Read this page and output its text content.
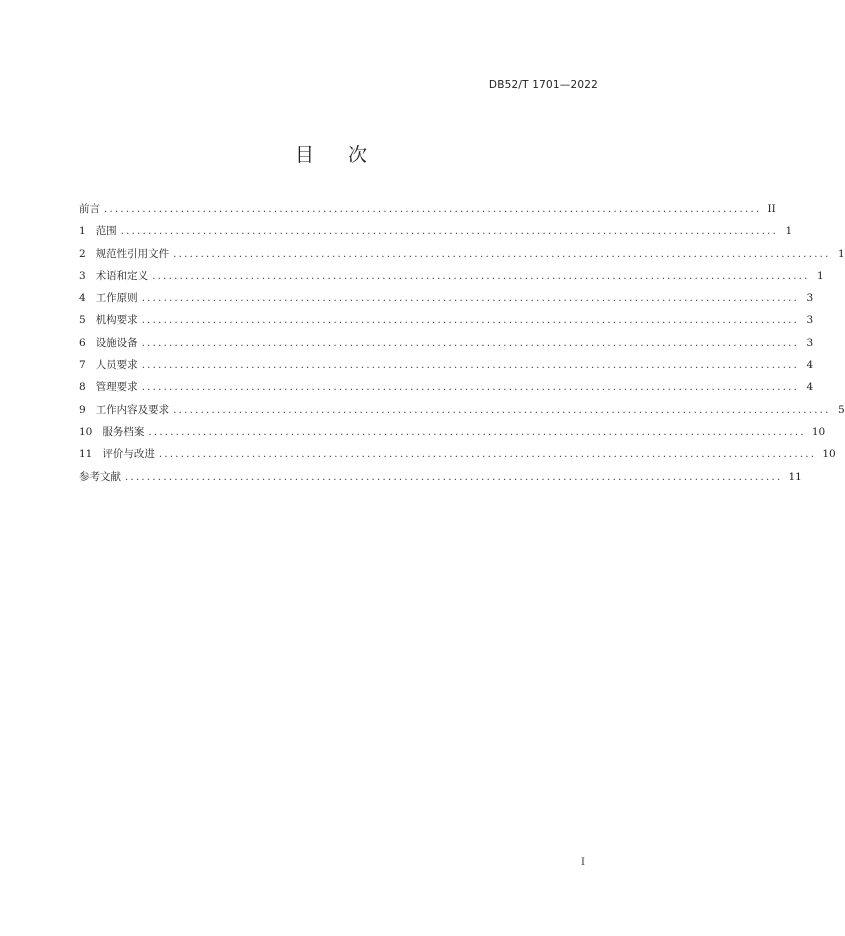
DB52/T 1701—2022
目 次
前言 ........................................................................................................................ II
1 范围 ........................................................................................................................ 1
2 规范性引用文件 ........................................................................................................................ 1
3 术语和定义 ........................................................................................................................ 1
4 工作原则 ........................................................................................................................ 3
5 机构要求 ........................................................................................................................ 3
6 设施设备 ........................................................................................................................ 3
7 人员要求 ........................................................................................................................ 4
8 管理要求 ........................................................................................................................ 4
9 工作内容及要求 ........................................................................................................................ 5
10 服务档案 ........................................................................................................................ 10
11 评价与改进 ........................................................................................................................ 10
参考文献 ........................................................................................................................ 11
I
